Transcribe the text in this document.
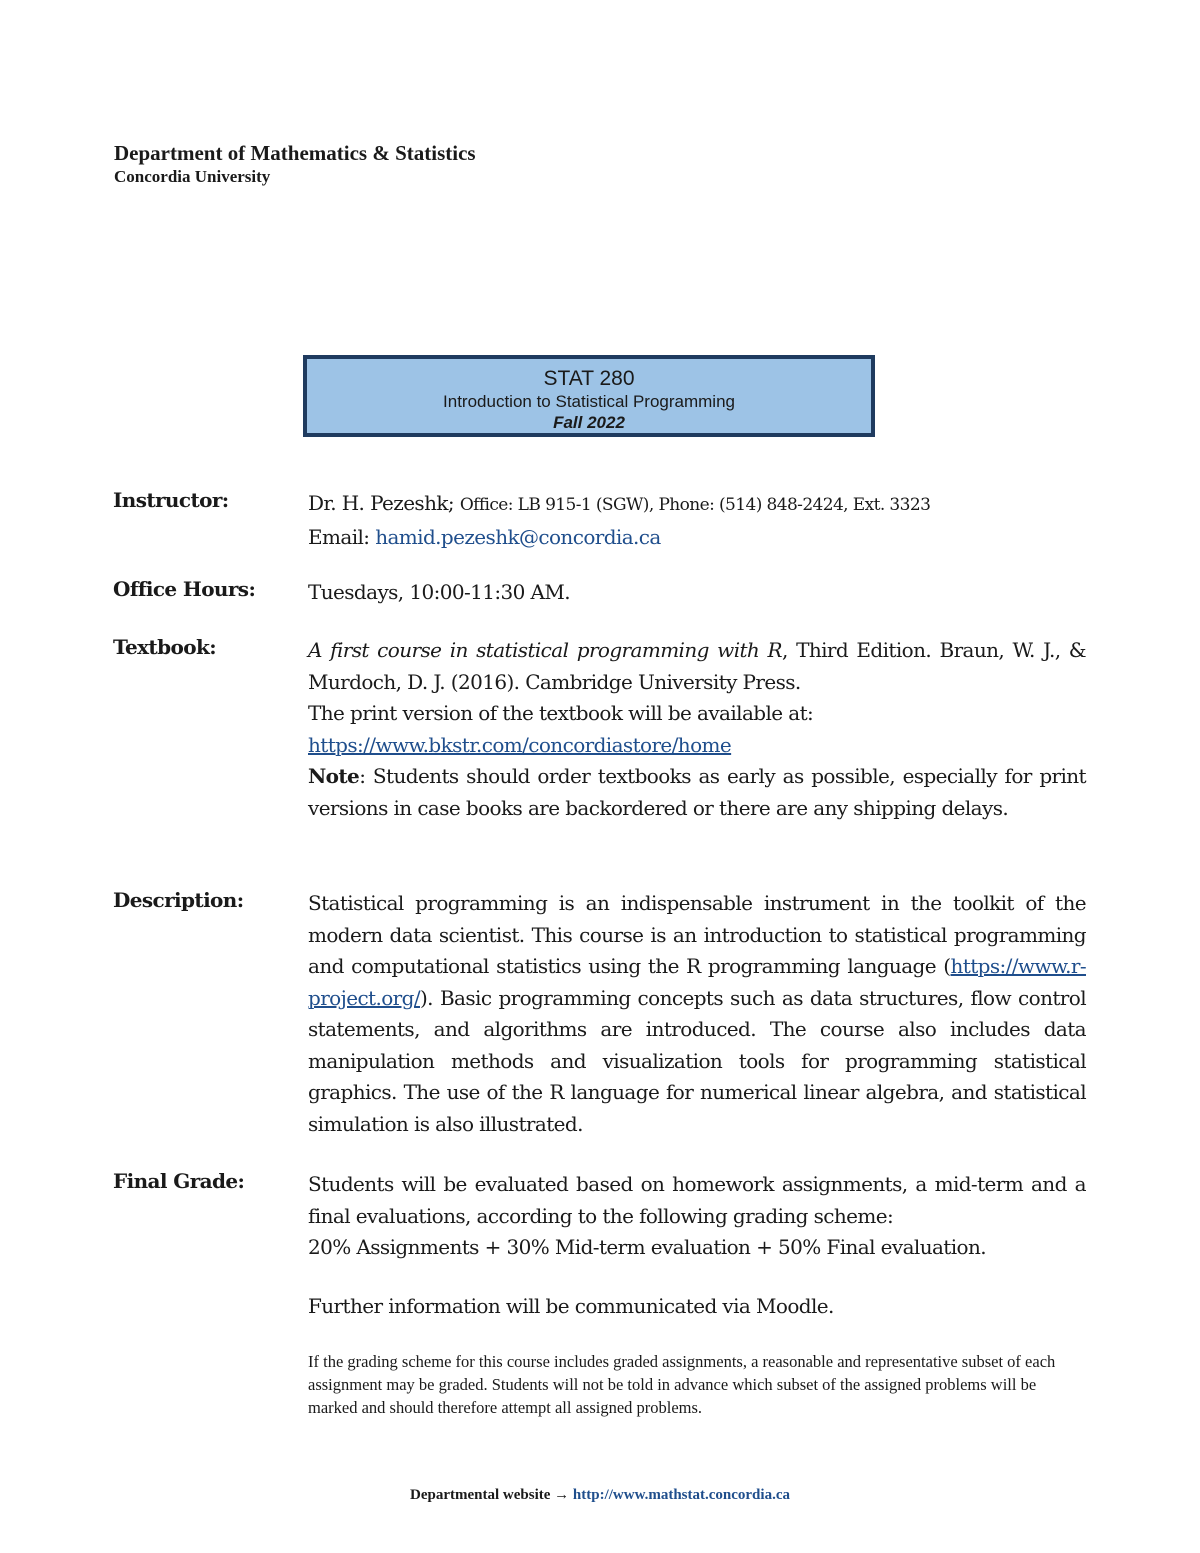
Department of Mathematics & Statistics
Concordia University
STAT 280
Introduction to Statistical Programming
Fall 2022
Instructor:	Dr. H. Pezeshk; Office: LB 915-1 (SGW), Phone: (514) 848-2424, Ext. 3323

Email: hamid.pezeshk@concordia.ca

Office Hours:	Tuesdays, 10:00-11:30 AM.

Textbook:	A first course in statistical programming with R, Third Edition. Braun, W. J., & Murdoch, D. J. (2016). Cambridge University Press.

The print version of the textbook will be available at:

https://www.bkstr.com/concordiastore/home

Note: Students should order textbooks as early as possible, especially for print versions in case books are backordered or there are any shipping delays.

Description:	Statistical programming is an indispensable instrument in the toolkit of the modern data scientist. This course is an introduction to statistical programming and computational statistics using the R programming language (https://www.r-project.org/). Basic programming concepts such as data structures, flow control statements, and algorithms are introduced. The course also includes data manipulation methods and visualization tools for programming statistical graphics. The use of the R language for numerical linear algebra, and statistical simulation is also illustrated.

Final Grade:	Students will be evaluated based on homework assignments, a mid-term and a final evaluations, according to the following grading scheme:

20% Assignments + 30% Mid-term evaluation + 50% Final evaluation.

Further information will be communicated via Moodle.

If the grading scheme for this course includes graded assignments, a reasonable and representative subset of each assignment may be graded. Students will not be told in advance which subset of the assigned problems will be marked and should therefore attempt all assigned problems.
Departmental website → http://www.mathstat.concordia.ca
